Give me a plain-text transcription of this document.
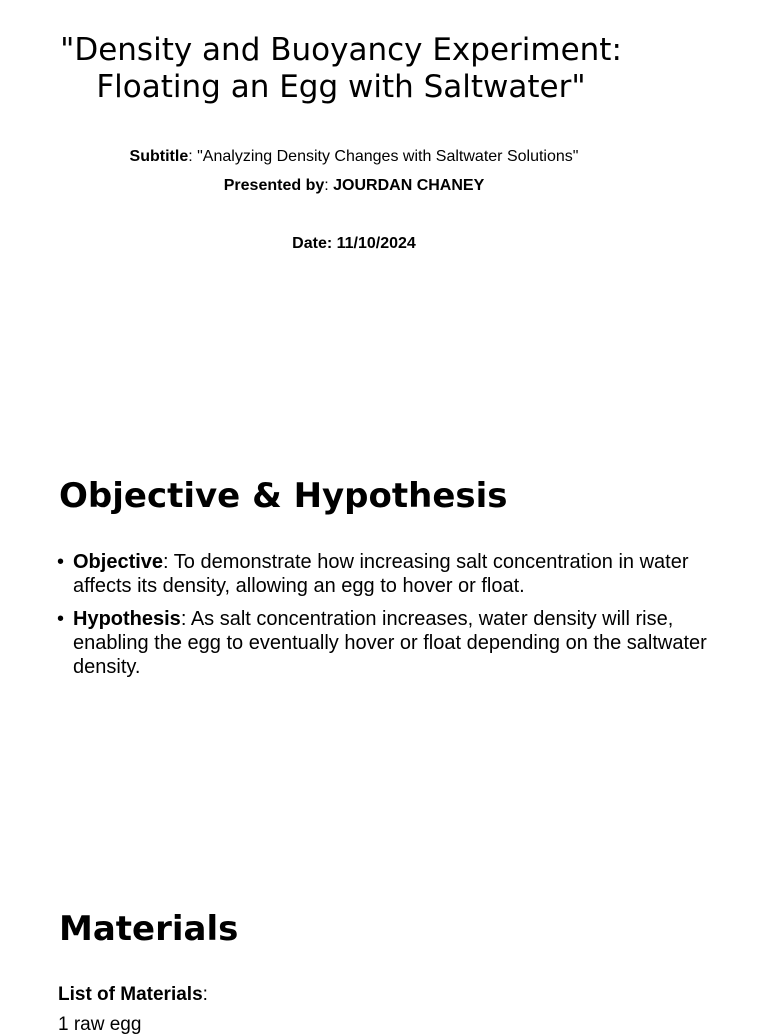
"Density and Buoyancy Experiment:
Floating an Egg with Saltwater"
Subtitle: "Analyzing Density Changes with Saltwater Solutions"
Presented by: JOURDAN CHANEY
Date: 11/10/2024
Objective & Hypothesis
• Objective: To demonstrate how increasing salt concentration in water affects its density, allowing an egg to hover or float.
• Hypothesis: As salt concentration increases, water density will rise, enabling the egg to eventually hover or float depending on the saltwater density.
Materials
List of Materials:
1 raw egg
